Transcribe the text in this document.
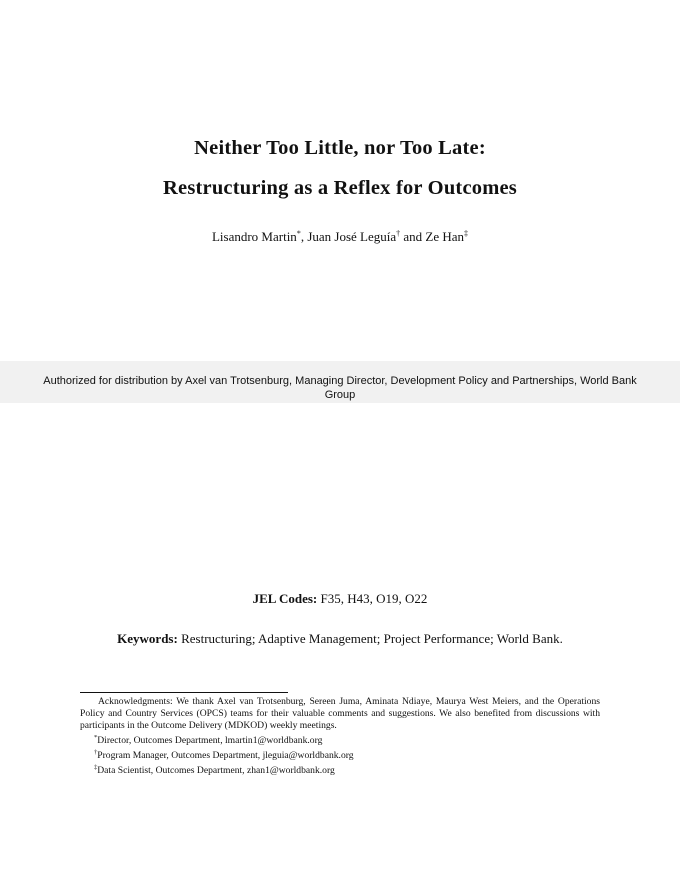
Neither Too Little, nor Too Late:
Restructuring as a Reflex for Outcomes
Lisandro Martin*, Juan José Leguía† and Ze Han‡
Authorized for distribution by Axel van Trotsenburg, Managing Director, Development Policy and Partnerships, World Bank Group
JEL Codes: F35, H43, O19, O22
Keywords: Restructuring; Adaptive Management; Project Performance; World Bank.

Acknowledgments: We thank Axel van Trotsenburg, Sereen Juma, Aminata Ndiaye, Maurya West Meiers, and the Operations Policy and Country Services (OPCS) teams for their valuable comments and suggestions. We also benefited from discussions with participants in the Outcome Delivery (MDKOD) weekly meetings.

*Director, Outcomes Department, lmartin1@worldbank.org

†Program Manager, Outcomes Department, jleguia@worldbank.org

‡Data Scientist, Outcomes Department, zhan1@worldbank.org
